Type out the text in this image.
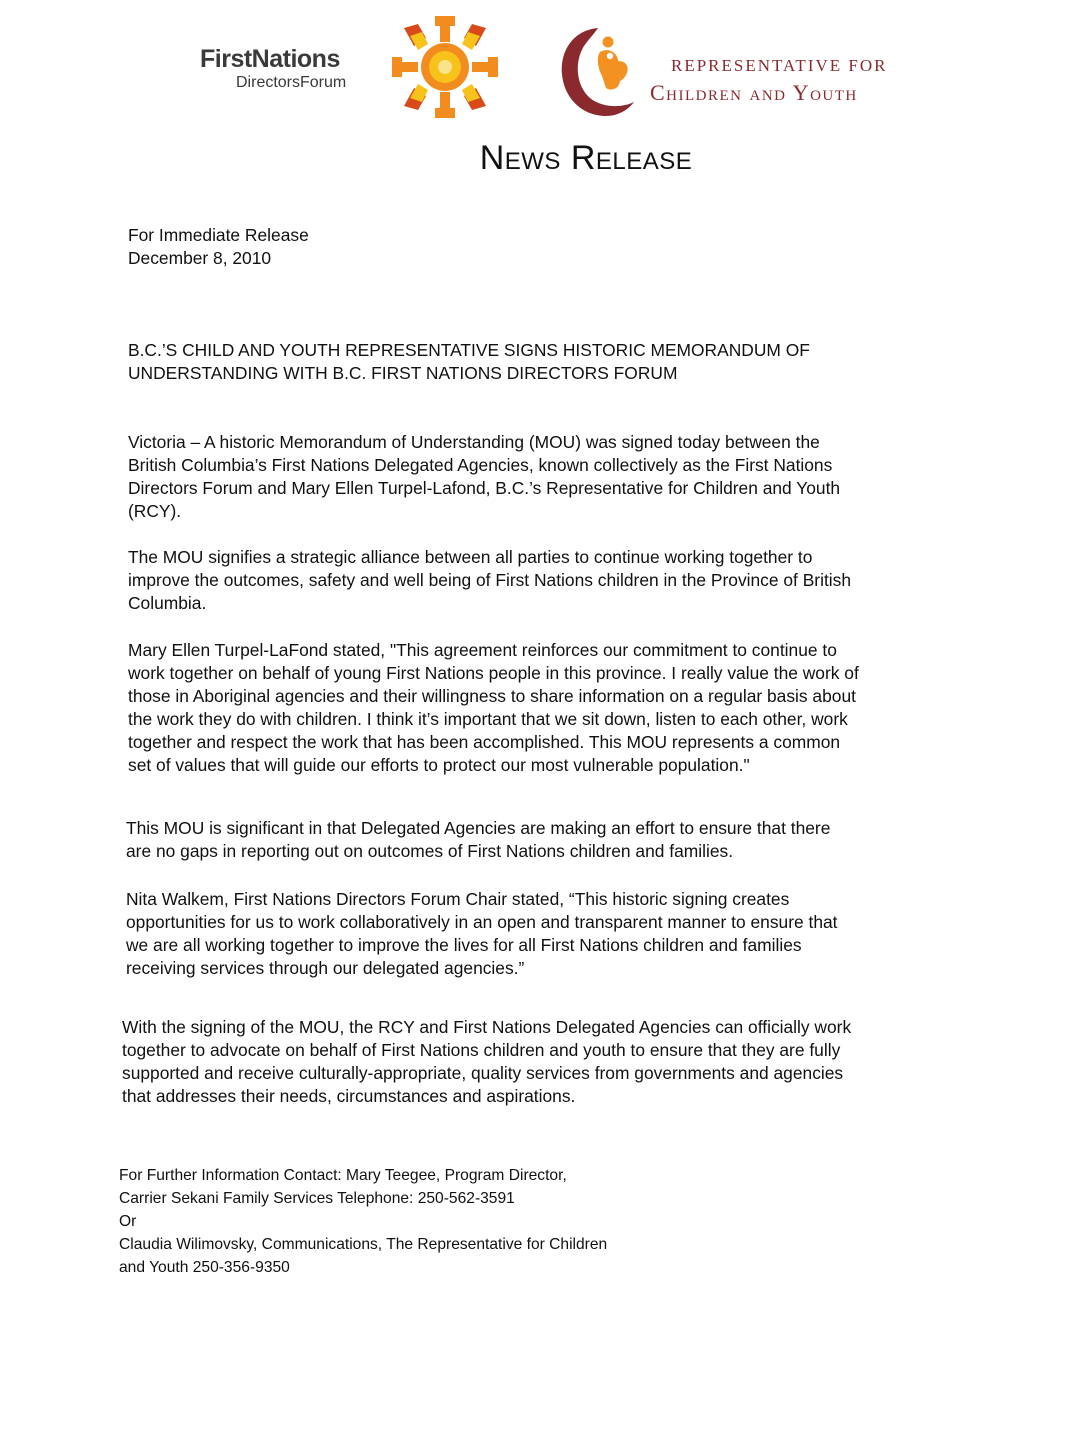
FirstNations
DirectorsForum
REPRESENTATIVE FOR
Children and Youth
News Release
For Immediate Release
December 8, 2010
B.C.’S CHILD AND YOUTH REPRESENTATIVE SIGNS HISTORIC MEMORANDUM OF
UNDERSTANDING WITH B.C. FIRST NATIONS DIRECTORS FORUM
Victoria – A historic Memorandum of Understanding (MOU) was signed today between the
British Columbia’s First Nations Delegated Agencies, known collectively as the First Nations
Directors Forum and Mary Ellen Turpel-Lafond, B.C.’s Representative for Children and Youth
(RCY).
The MOU signifies a strategic alliance between all parties to continue working together to
improve the outcomes, safety and well being of First Nations children in the Province of British
Columbia.
Mary Ellen Turpel-LaFond stated, "This agreement reinforces our commitment to continue to
work together on behalf of young First Nations people in this province. I really value the work of
those in Aboriginal agencies and their willingness to share information on a regular basis about
the work they do with children. I think it’s important that we sit down, listen to each other, work
together and respect the work that has been accomplished. This MOU represents a common
set of values that will guide our efforts to protect our most vulnerable population."
This MOU is significant in that Delegated Agencies are making an effort to ensure that there
are no gaps in reporting out on outcomes of First Nations children and families.
Nita Walkem, First Nations Directors Forum Chair stated, “This historic signing creates
opportunities for us to work collaboratively in an open and transparent manner to ensure that
we are all working together to improve the lives for all First Nations children and families
receiving services through our delegated agencies.”
With the signing of the MOU, the RCY and First Nations Delegated Agencies can officially work
together to advocate on behalf of First Nations children and youth to ensure that they are fully
supported and receive culturally-appropriate, quality services from governments and agencies
that addresses their needs, circumstances and aspirations.
For Further Information Contact: Mary Teegee, Program Director,
Carrier Sekani Family Services Telephone: 250-562-3591
Or
Claudia Wilimovsky, Communications, The Representative for Children
and Youth 250-356-9350
